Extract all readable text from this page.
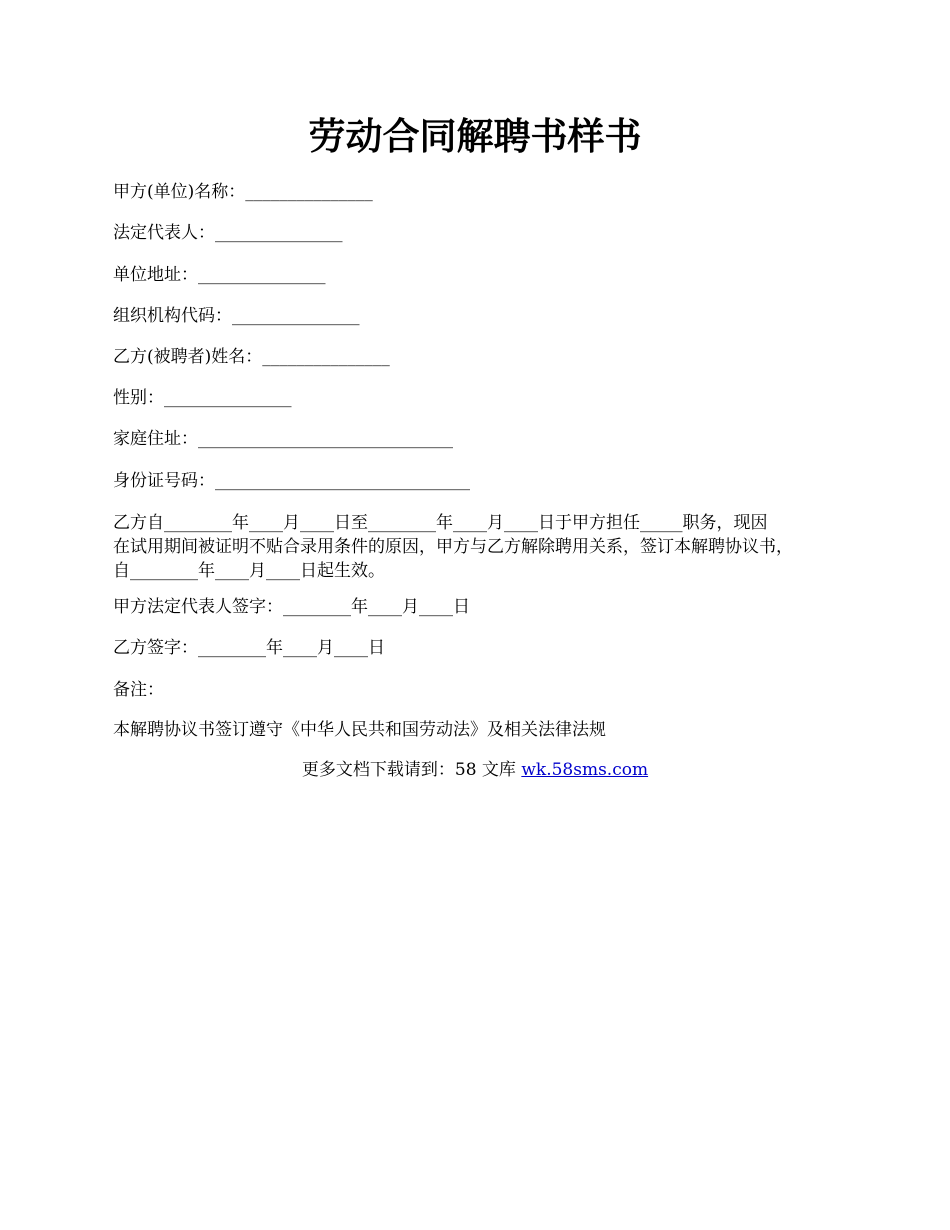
劳动合同解聘书样书
甲方(单位)名称：_______________
法定代表人：_______________
单位地址：_______________
组织机构代码：_______________
乙方(被聘者)姓名：_______________
性别：_______________
家庭住址：______________________________
身份证号码：______________________________
乙方自________年____月____日至________年____月____日于甲方担任_____职务，现因
在试用期间被证明不贴合录用条件的原因，甲方与乙方解除聘用关系，签订本解聘协议书，
自________年____月____日起生效。
甲方法定代表人签字：________年____月____日
乙方签字：________年____月____日
备注：
本解聘协议书签订遵守《中华人民共和国劳动法》及相关法律法规
更多文档下载请到：58 文库 wk.58sms.com
